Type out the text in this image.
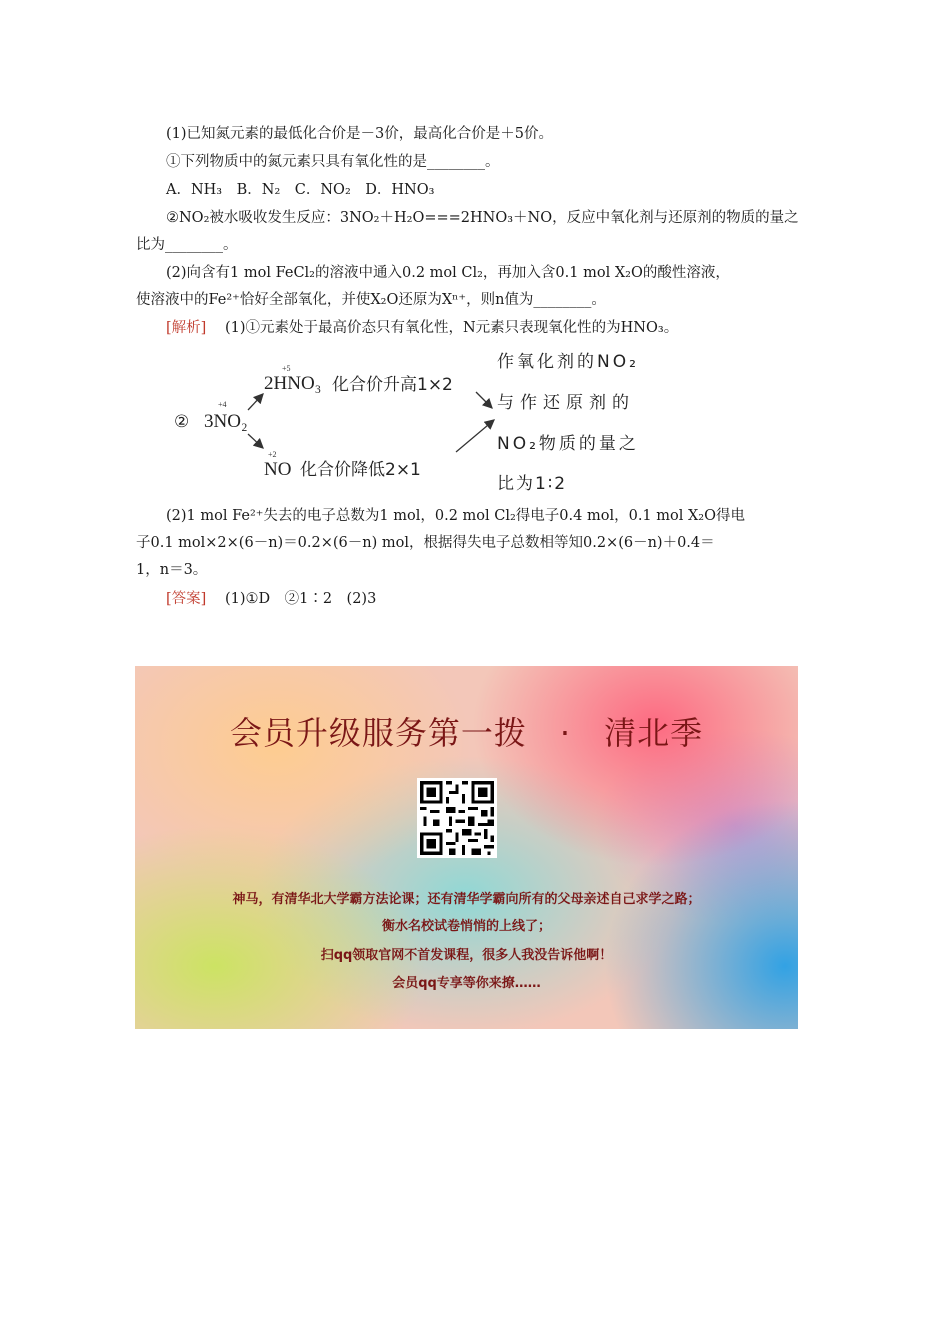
(1)已知氮元素的最低化合价是－3价，最高化合价是＋5价。
①下列物质中的氮元素只具有氧化性的是________。
A．NH₃　B．N₂　C．NO₂　D．HNO₃
②NO₂被水吸收发生反应：3NO₂＋H₂O===2HNO₃＋NO，反应中氧化剂与还原剂的物质的量之
比为________。
(2)向含有1 mol FeCl₂的溶液中通入0.2 mol Cl₂，再加入含0.1 mol X₂O的酸性溶液，
使溶液中的Fe²⁺恰好全部氧化，并使X₂O还原为Xⁿ⁺，则n值为________。
[解析] (1)①元素处于最高价态只有氧化性，N元素只表现氧化性的为HNO₃。
②
+4
3NO₂
+5
2HNO₃ 化合价升高1×2
+2
NO 化合价降低2×1
作氧化剂的NO₂
与作还原剂的
NO₂物质的量之
比为1∶2
(2)1 mol Fe²⁺失去的电子总数为1 mol，0.2 mol Cl₂得电子0.4 mol，0.1 mol X₂O得电
子0.1 mol×2×(6－n)＝0.2×(6－n) mol，根据得失电子总数相等知0.2×(6－n)＋0.4＝
1，n＝3。
[答案] (1)①D　②1∶2　(2)3
会员升级服务第一拨　·　清北季
神马，有清华北大学霸方法论课；还有清华学霸向所有的父母亲述自己求学之路；
衡水名校试卷悄悄的上线了；
扫qq领取官网不首发课程，很多人我没告诉他啊！
会员qq专享等你来撩……
